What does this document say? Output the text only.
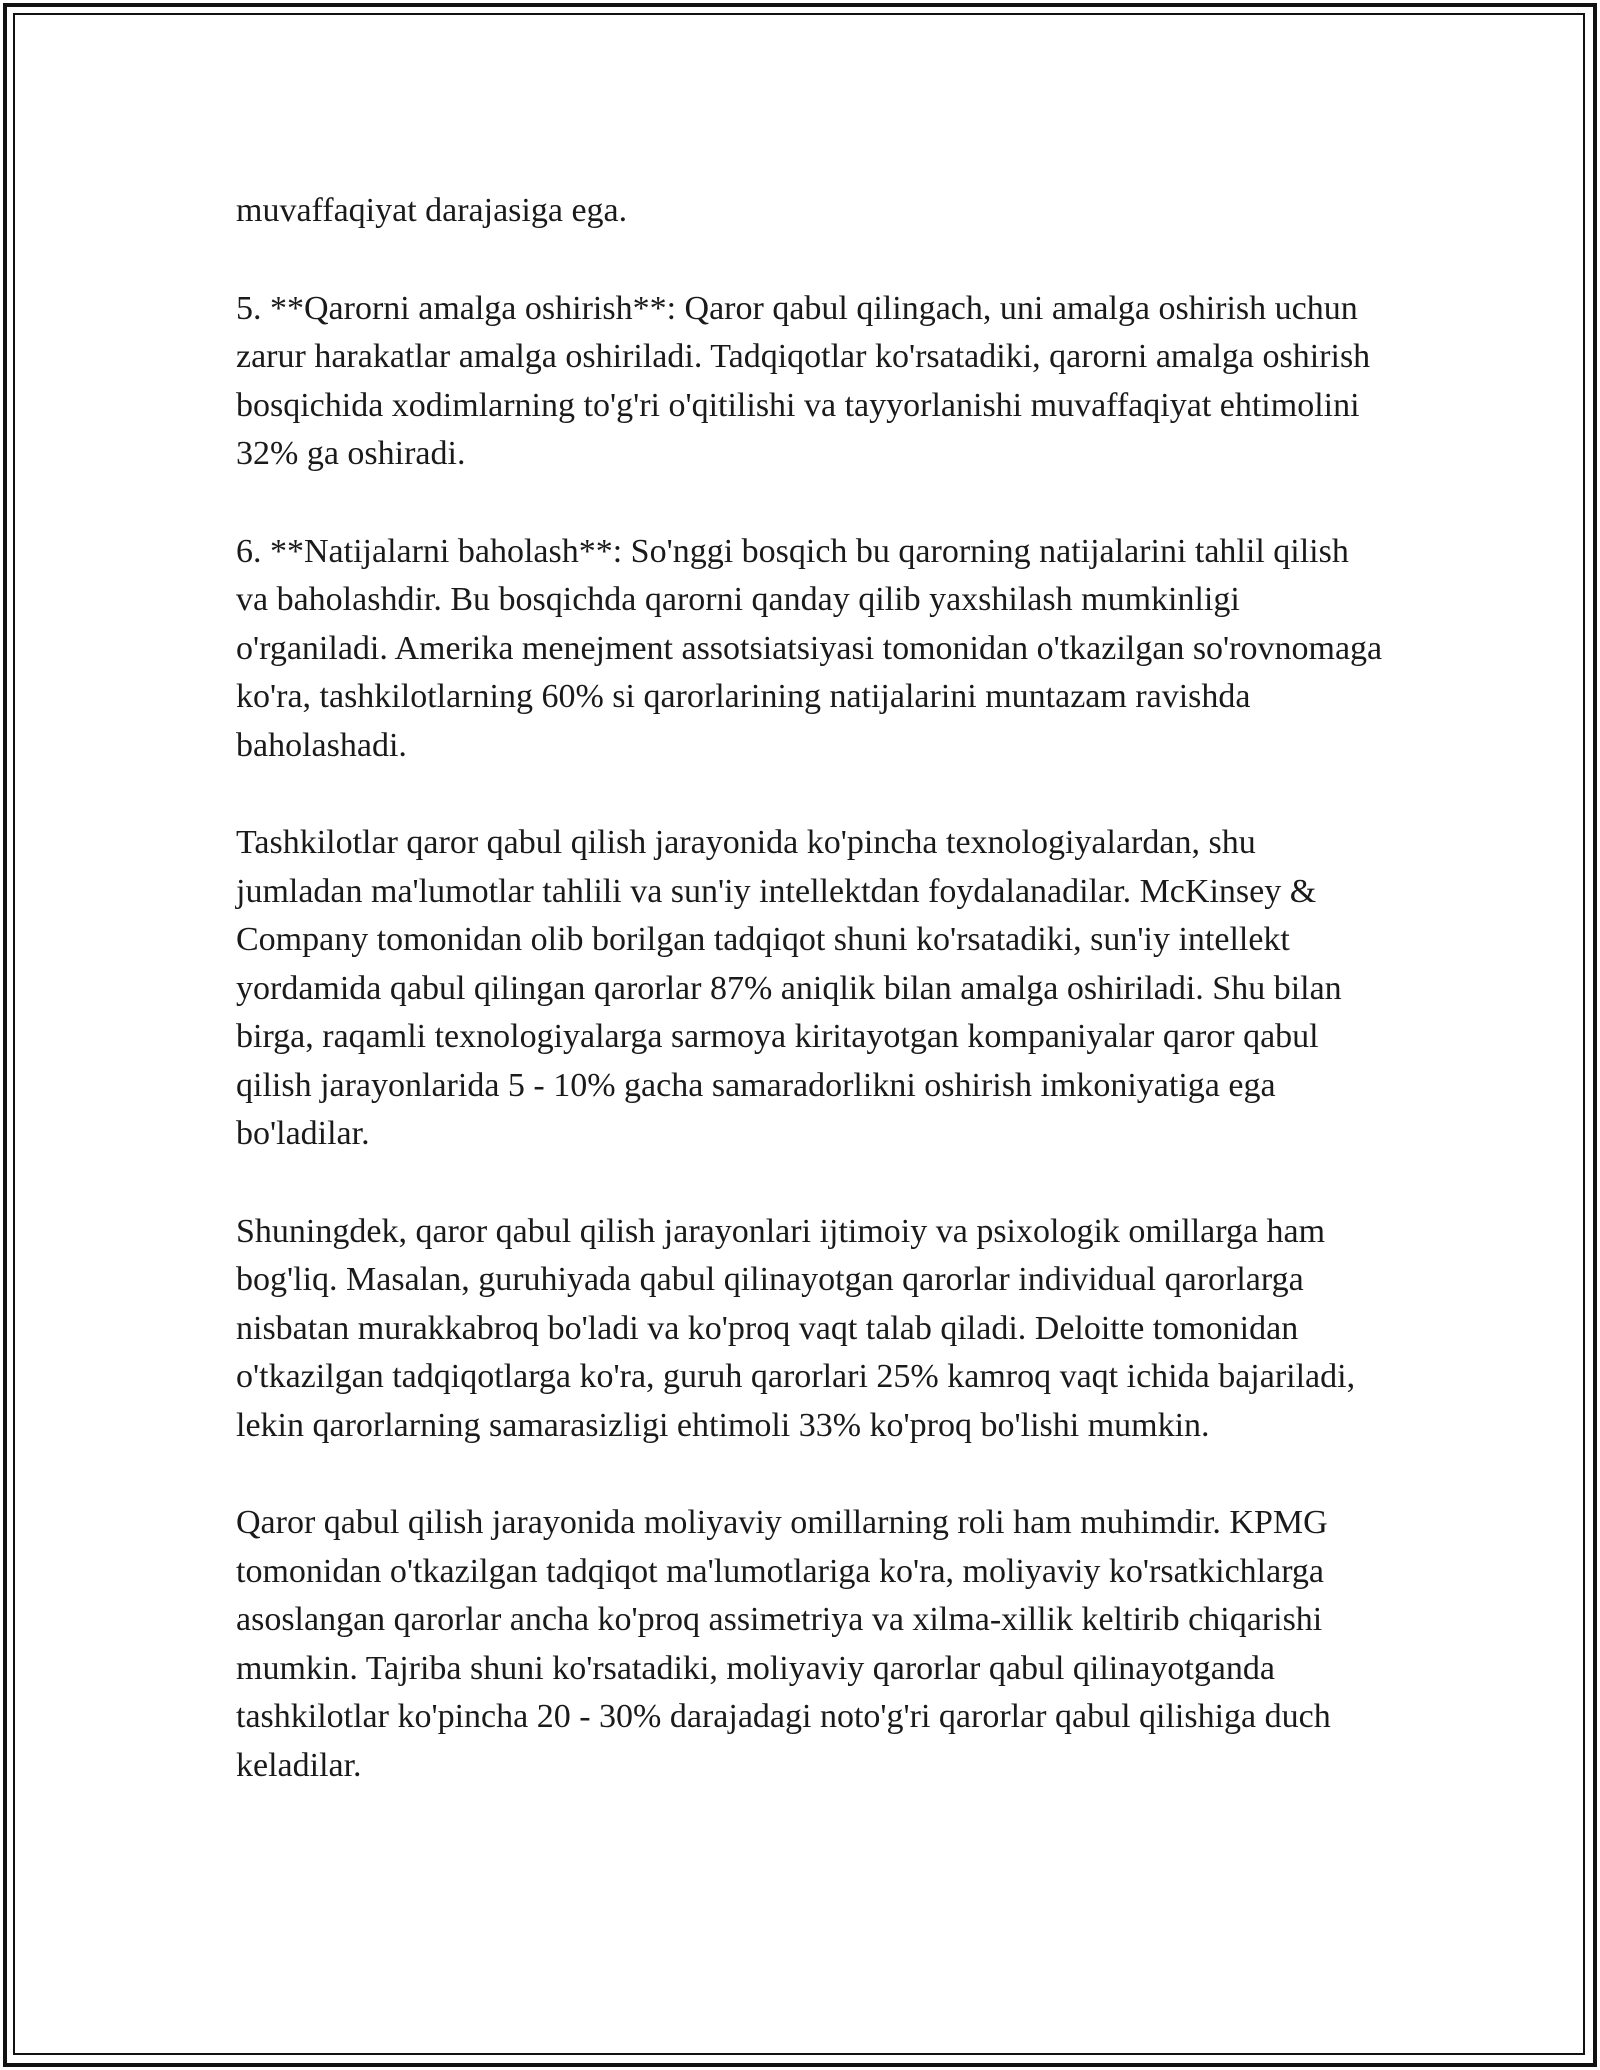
muvaffaqiyat darajasiga ega.

5. **Qarorni amalga oshirish**: Qaror qabul qilingach, uni amalga oshirish uchun zarur harakatlar amalga oshiriladi. Tadqiqotlar ko'rsatadiki, qarorni amalga oshirish bosqichida xodimlarning to'g'ri o'qitilishi va tayyorlanishi muvaffaqiyat ehtimolini 32% ga oshiradi.

6. **Natijalarni baholash**: So'nggi bosqich bu qarorning natijalarini tahlil qilish va baholashdir. Bu bosqichda qarorni qanday qilib yaxshilash mumkinligi o'rganiladi. Amerika menejment assotsiatsiyasi tomonidan o'tkazilgan so'rovnomaga ko'ra, tashkilotlarning 60% si qarorlarining natijalarini muntazam ravishda baholashadi.

Tashkilotlar qaror qabul qilish jarayonida ko'pincha texnologiyalardan, shu jumladan ma'lumotlar tahlili va sun'iy intellektdan foydalanadilar. McKinsey & Company tomonidan olib borilgan tadqiqot shuni ko'rsatadiki, sun'iy intellekt yordamida qabul qilingan qarorlar 87% aniqlik bilan amalga oshiriladi. Shu bilan birga, raqamli texnologiyalarga sarmoya kiritayotgan kompaniyalar qaror qabul qilish jarayonlarida 5 - 10% gacha samaradorlikni oshirish imkoniyatiga ega bo'ladilar.

Shuningdek, qaror qabul qilish jarayonlari ijtimoiy va psixologik omillarga ham bog'liq. Masalan, guruhiyada qabul qilinayotgan qarorlar individual qarorlarga nisbatan murakkabroq bo'ladi va ko'proq vaqt talab qiladi. Deloitte tomonidan o'tkazilgan tadqiqotlarga ko'ra, guruh qarorlari 25% kamroq vaqt ichida bajariladi, lekin qarorlarning samarasizligi ehtimoli 33% ko'proq bo'lishi mumkin.

Qaror qabul qilish jarayonida moliyaviy omillarning roli ham muhimdir. KPMG tomonidan o'tkazilgan tadqiqot ma'lumotlariga ko'ra, moliyaviy ko'rsatkichlarga asoslangan qarorlar ancha ko'proq assimetriya va xilma-xillik keltirib chiqarishi mumkin. Tajriba shuni ko'rsatadiki, moliyaviy qarorlar qabul qilinayotganda tashkilotlar ko'pincha 20 - 30% darajadagi noto'g'ri qarorlar qabul qilishiga duch keladilar.
